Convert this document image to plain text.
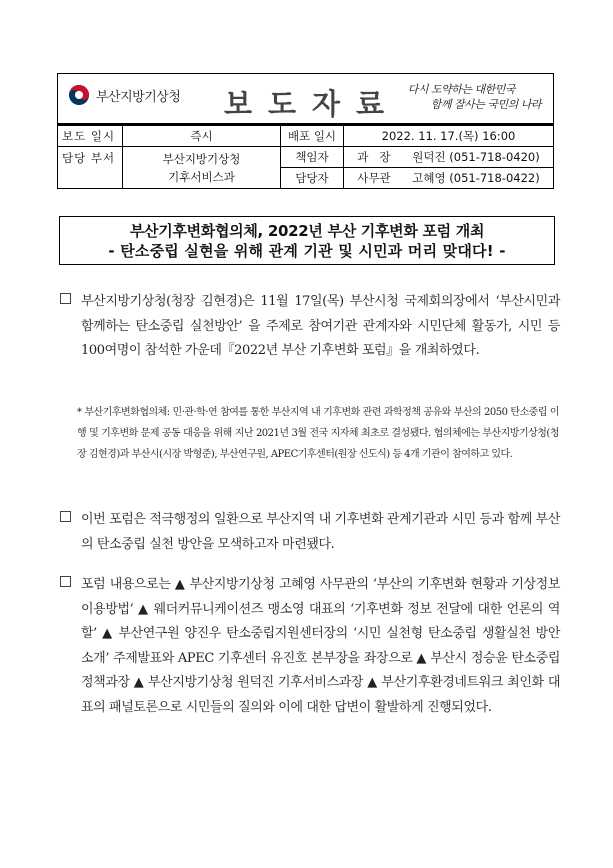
부산지방기상청 보도자료 다시 도약하는 대한민국
함께 잘사는 국민의 나라
보도 일시	즉시	배포 일시	2022. 11. 17.(목) 16:00
담당 부서	부산지방기상청
기후서비스과	책임자	과   장 원덕진 (051-718-0420)
		담당자	사무관 고혜영 (051-718-0422)
부산기후변화협의체, 2022년 부산 기후변화 포럼 개최
- 탄소중립 실현을 위해 관계 기관 및 시민과 머리 맞대다! -
부산지방기상청(청장 김현경)은 11월 17일(목) 부산시청 국제회의장에서 ‘부산시민과 함께하는 탄소중립 실천방안’ 을 주제로 참여기관 관계자와 시민단체 활동가, 시민 등 100여명이 참석한 가운데『2022년 부산 기후변화 포럼』을 개최하였다.
* 부산기후변화협의체: 민·관·학·연 참여를 통한 부산지역 내 기후변화 관련 과학정책 공유와 부산의 2050 탄소중립 이행 및 기후변화 문제 공동 대응을 위해 지난 2021년 3월 전국 지자체 최초로 결성됐다. 협의체에는 부산지방기상청(청장 김현경)과 부산시(시장 박형준), 부산연구원, APEC기후센터(원장 신도식) 등 4개 기관이 참여하고 있다.
이번 포럼은 적극행정의 일환으로 부산지역 내 기후변화 관계기관과 시민 등과 함께 부산의 탄소중립 실천 방안을 모색하고자 마련됐다.
포럼 내용으로는 ▲ 부산지방기상청 고혜영 사무관의 ‘부산의 기후변화 현황과 기상정보 이용방법’ ▲ 웨더커뮤니케이션즈 맹소영 대표의 ‘기후변화 정보 전달에 대한 언론의 역할’ ▲ 부산연구원 양진우 탄소중립지원센터장의 ‘시민 실천형 탄소중립 생활실천 방안 소개’ 주제발표와 APEC 기후센터 유진호 본부장을 좌장으로 ▲ 부산시 정승윤 탄소중립정책과장 ▲ 부산지방기상청 원덕진 기후서비스과장 ▲ 부산기후환경네트워크 최인화 대표의 패널토론으로 시민들의 질의와 이에 대한 답변이 활발하게 진행되었다.
